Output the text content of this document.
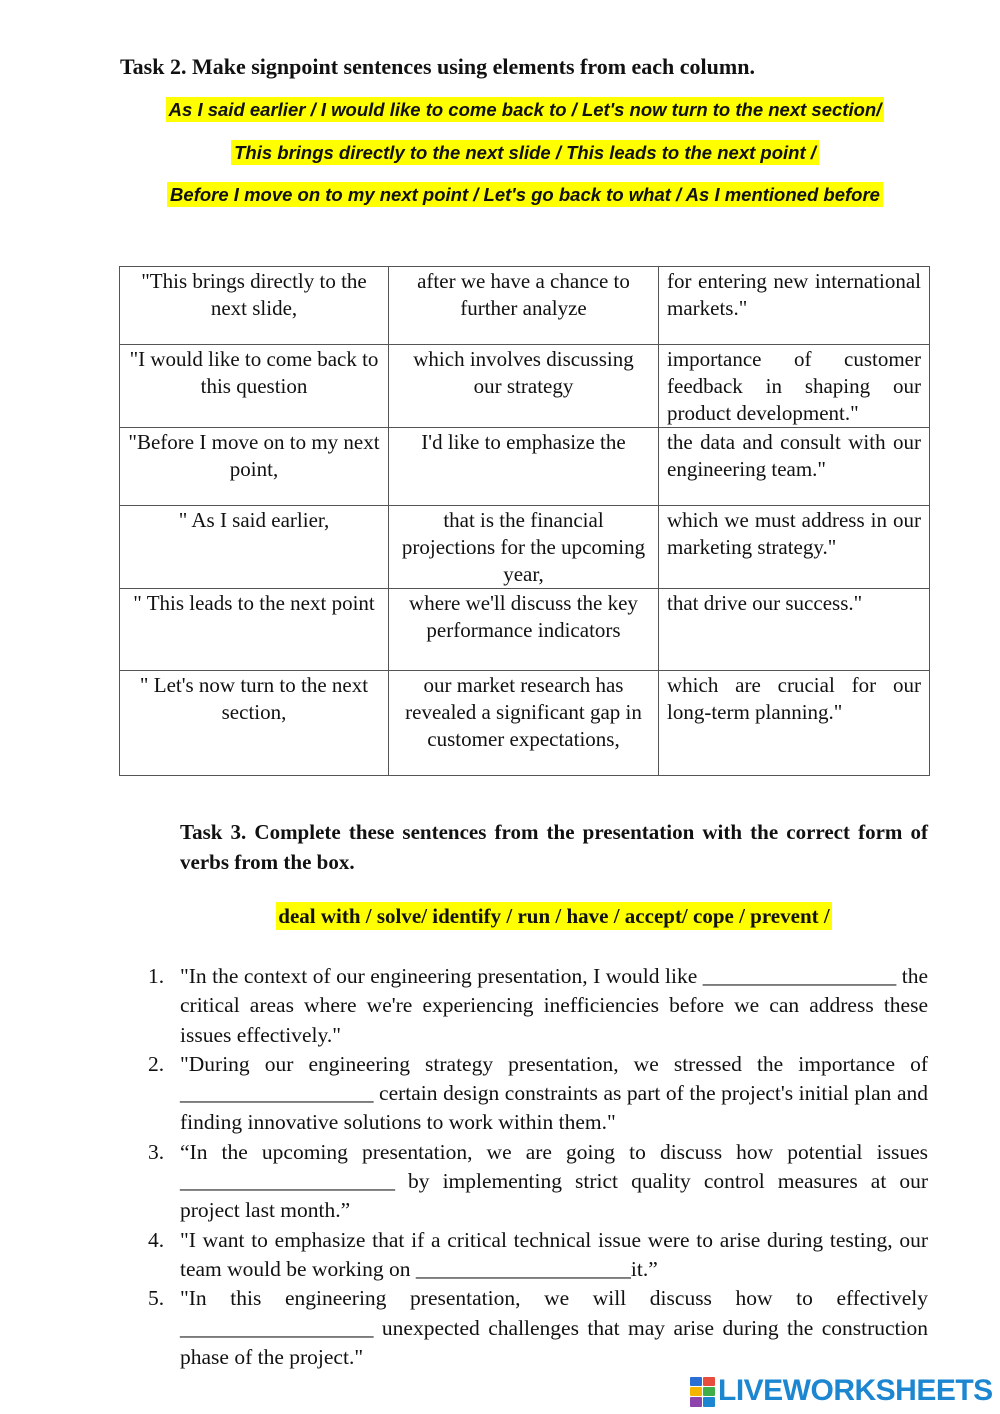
Task 2. Make signpoint sentences using elements from each column.
As I said earlier / I would like to come back to / Let's now turn to the next section/
This brings directly to the next slide / This leads to the next point /
Before I move on to my next point / Let's go back to what / As I mentioned before
"This brings directly to the next slide,	after we have a chance to further analyze	for entering new international markets."
"I would like to come back to this question	which involves discussing our strategy	importance of customer feedback in shaping our product development."
"Before I move on to my next point,	I'd like to emphasize the	the data and consult with our engineering team."
" As I said earlier,	that is the financial projections for the upcoming year,	which we must address in our marketing strategy."
" This leads to the next point	where we'll discuss the key performance indicators	that drive our success."
" Let's now turn to the next section,	our market research has revealed a significant gap in customer expectations,	which are crucial for our long-term planning."
Task 3. Complete these sentences from the presentation with the correct form of verbs from the box.
deal with / solve/ identify / run / have / accept/ cope / prevent /
1. "In the context of our engineering presentation, I would like __________________ the critical areas where we're experiencing inefficiencies before we can address these issues effectively."
2. "During our engineering strategy presentation, we stressed the importance of __________________ certain design constraints as part of the project's initial plan and finding innovative solutions to work within them."
3. “In the upcoming presentation, we are going to discuss how potential issues ____________________ by implementing strict quality control measures at our project last month.”
4. "I want to emphasize that if a critical technical issue were to arise during testing, our team would be working on ____________________it.”
5. "In this engineering presentation, we will discuss how to effectively __________________ unexpected challenges that may arise during the construction phase of the project."
LIVEWORKSHEETS
